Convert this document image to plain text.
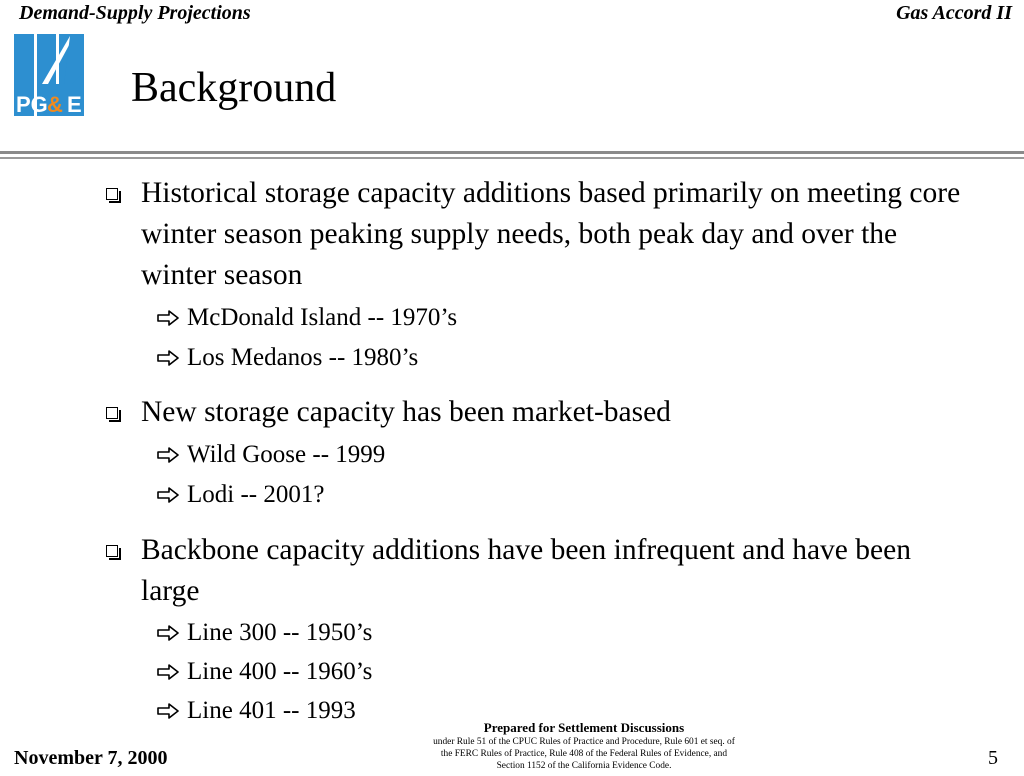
Demand-Supply Projections	Gas Accord II
PG & E Background
Historical storage capacity additions based primarily on meeting core winter season peaking supply needs, both peak day and over the winter season
McDonald Island -- 1970’s
Los Medanos -- 1980’s
New storage capacity has been market-based
Wild Goose -- 1999
Lodi -- 2001?
Backbone capacity additions have been infrequent and have been large
Line 300 -- 1950’s
Line 400 -- 1960’s
Line 401 -- 1993
Prepared for Settlement Discussions
under Rule 51 of the CPUC Rules of Practice and Procedure, Rule 601 et seq. of
the FERC Rules of Practice, Rule 408 of the Federal Rules of Evidence, and
Section 1152 of the California Evidence Code.
November 7, 2000	5
